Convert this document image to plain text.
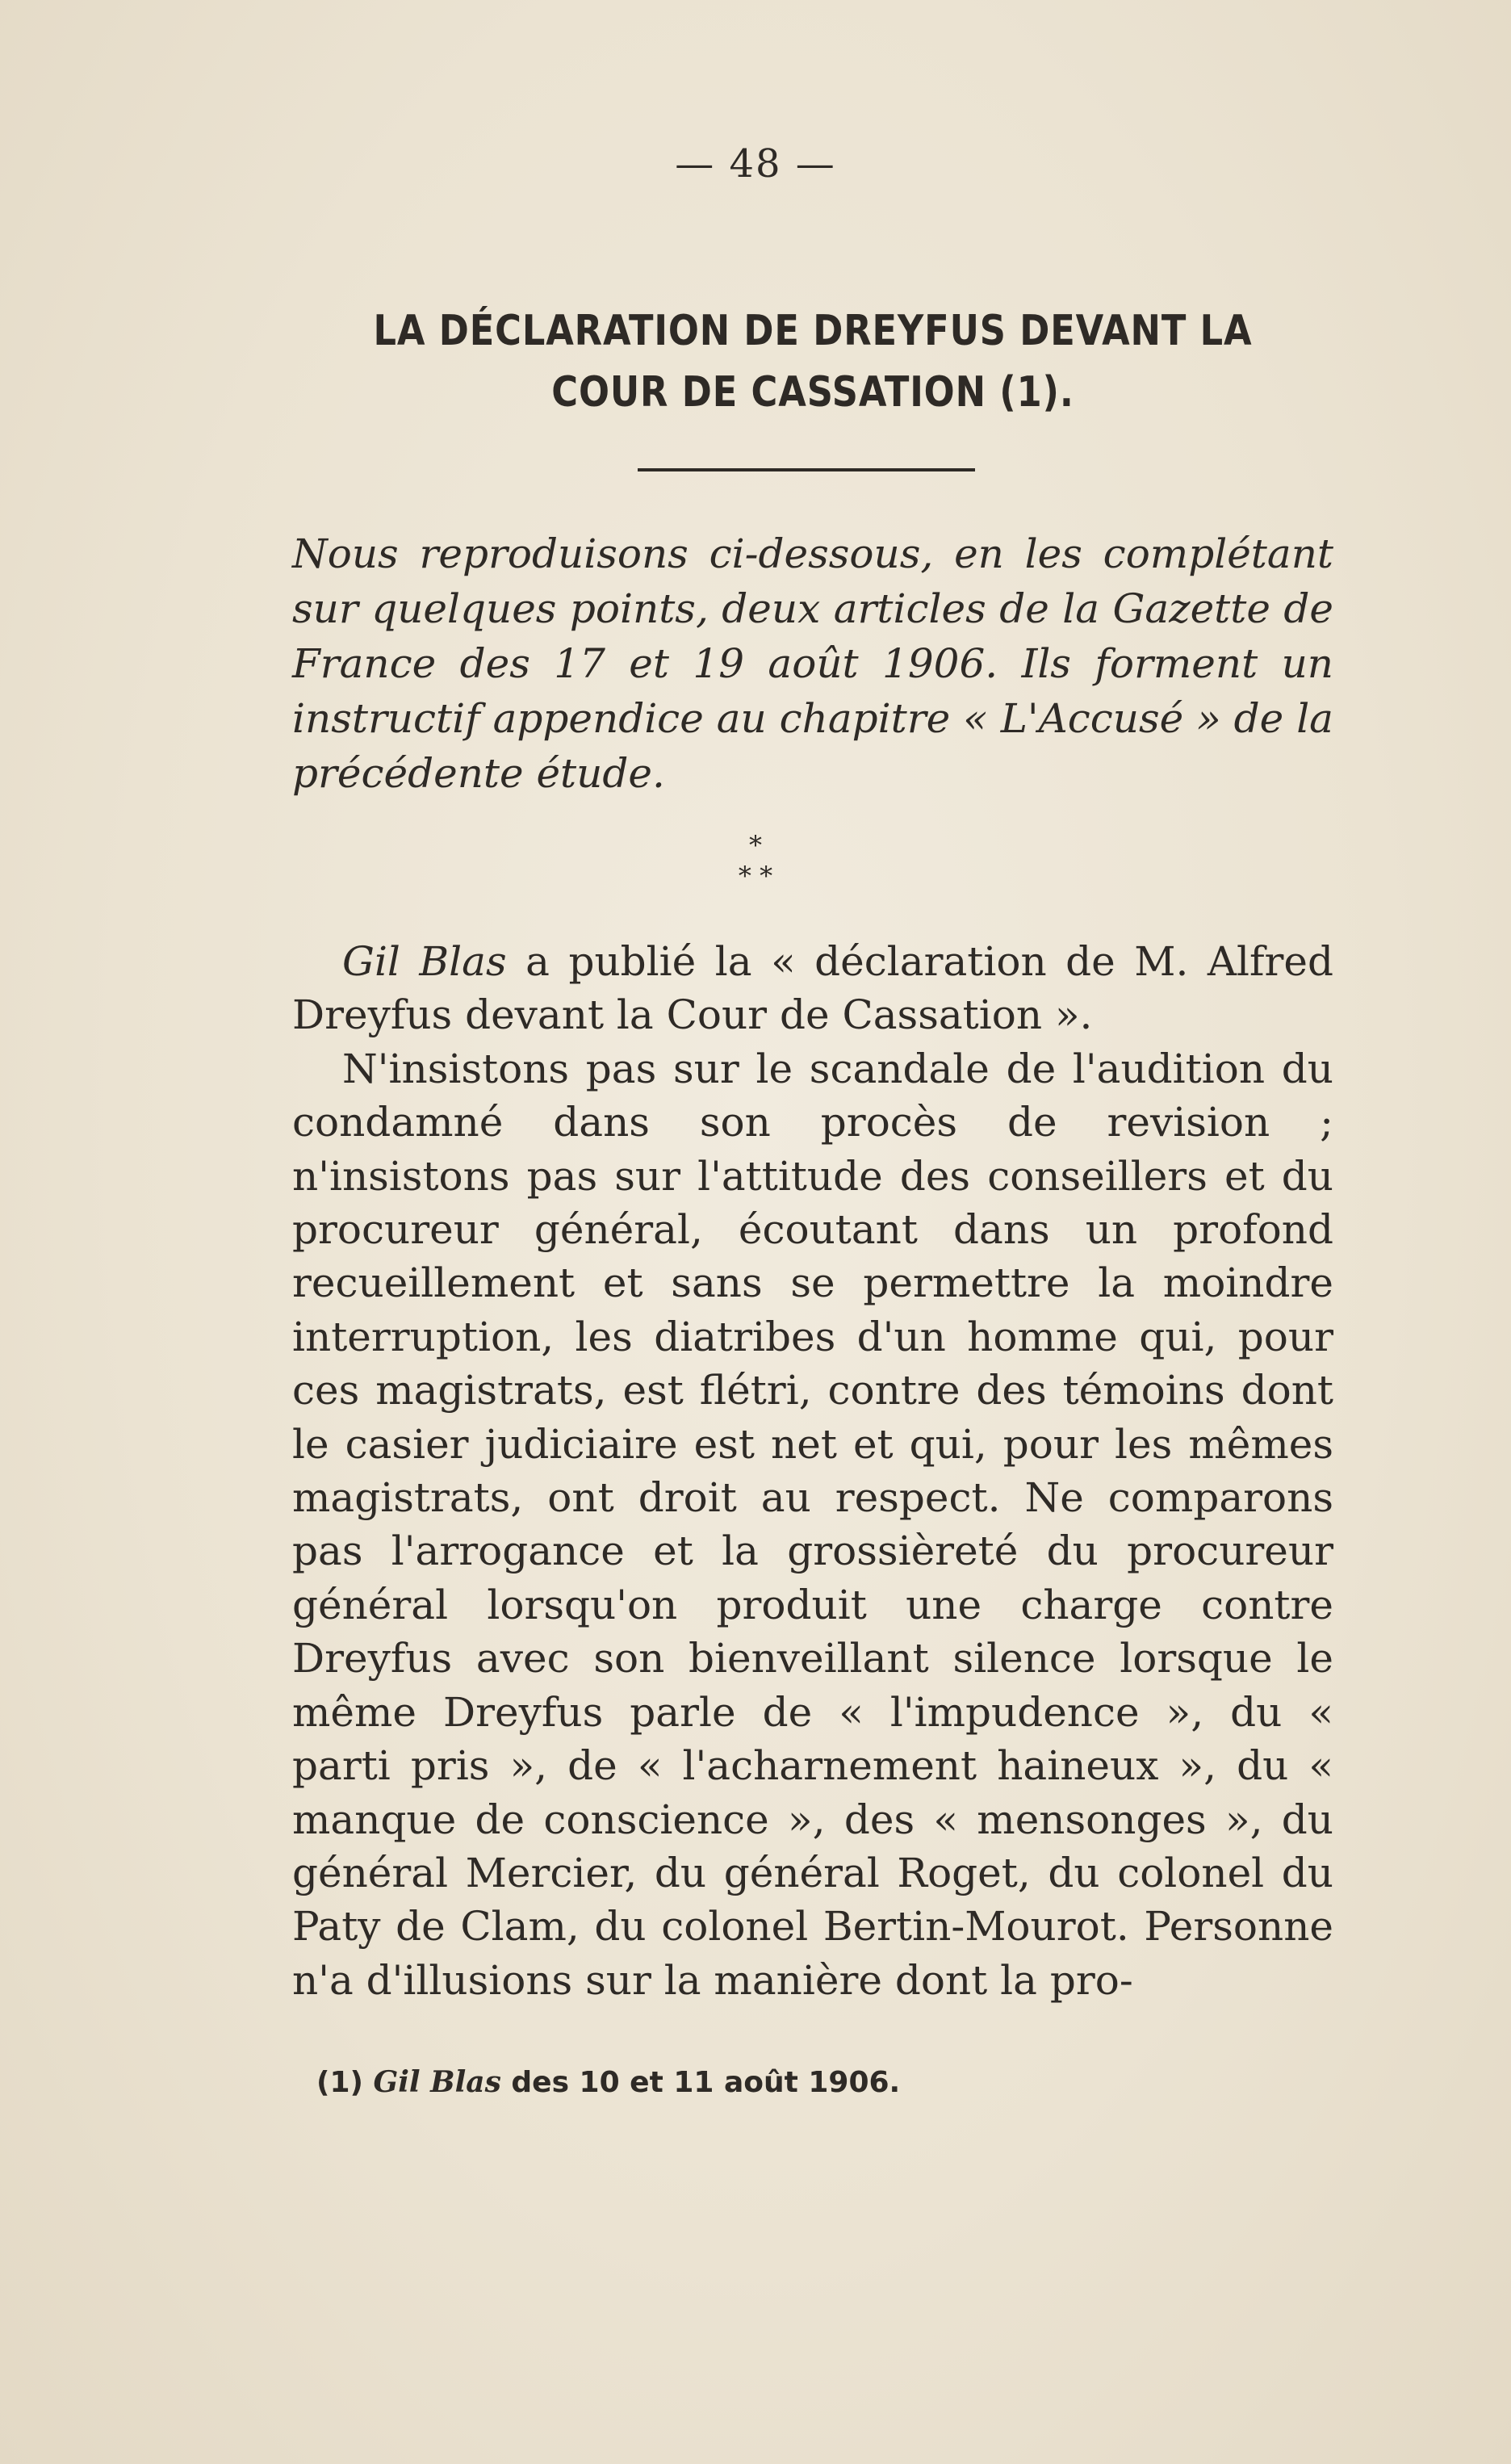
— 48 —
LA DÉCLARATION DE DREYFUS DEVANT LA
COUR DE CASSATION (1).
Nous reproduisons ci-dessous, en les complétant sur quelques points, deux articles de la Gazette de France des 17 et 19 août 1906. Ils forment un instructif appendice au chapitre « L'Accusé » de la précédente étude.
*
* *

Gil Blas a publié la « déclaration de M. Alfred Dreyfus devant la Cour de Cassation ».

N'insistons pas sur le scandale de l'audition du condamné dans son procès de revision ; n'insistons pas sur l'attitude des conseillers et du procureur général, écoutant dans un profond recueillement et sans se permettre la moindre interruption, les diatribes d'un homme qui, pour ces magistrats, est flétri, contre des témoins dont le casier judiciaire est net et qui, pour les mêmes magistrats, ont droit au respect. Ne comparons pas l'arrogance et la grossièreté du procureur général lorsqu'on produit une charge contre Dreyfus avec son bienveillant silence lorsque le même Dreyfus parle de « l'impudence », du « parti pris », de « l'acharnement haineux », du « manque de conscience », des « mensonges », du général Mercier, du général Roget, du colonel du Paty de Clam, du colonel Bertin-Mourot. Personne n'a d'illusions sur la manière dont la pro-

(1) Gil Blas des 10 et 11 août 1906.
